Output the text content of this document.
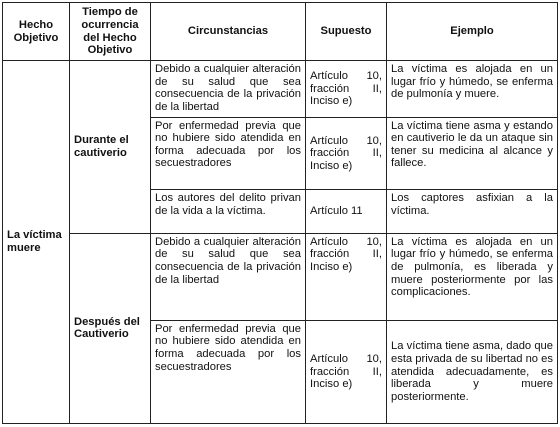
Hecho Objetivo	Tiempo de ocurrencia del Hecho Objetivo	Circunstancias	Supuesto	Ejemplo
La víctima muere	Durante el cautiverio	Debido a cualquier alteración de su salud que sea consecuencia de la privación de la libertad	Artículo 10, fracción II, Inciso e)	La víctima es alojada en un lugar frío y húmedo, se enferma de pulmonía y muere.
		Por enfermedad previa que no hubiere sido atendida en forma adecuada por los secuestradores	Artículo 10, fracción II, Inciso e)	La víctima tiene asma y estando en cautiverio le da un ataque sin tener su medicina al alcance y fallece.
		Los autores del delito privan de la vida a la víctima.	Artículo 11	Los captores asfixian a la víctima.
	Después del Cautiverio	Debido a cualquier alteración de su salud que sea consecuencia de la privación de la libertad	Artículo 10, fracción II, Inciso e)	La víctima es alojada en un lugar frío y húmedo, se enferma de pulmonía, es liberada y muere posteriormente por las complicaciones.
		Por enfermedad previa que no hubiere sido atendida en forma adecuada por los secuestradores	Artículo 10, fracción II, Inciso e)	La víctima tiene asma, dado que esta privada de su libertad no es atendida adecuadamente, es liberada y muere posteriormente.
